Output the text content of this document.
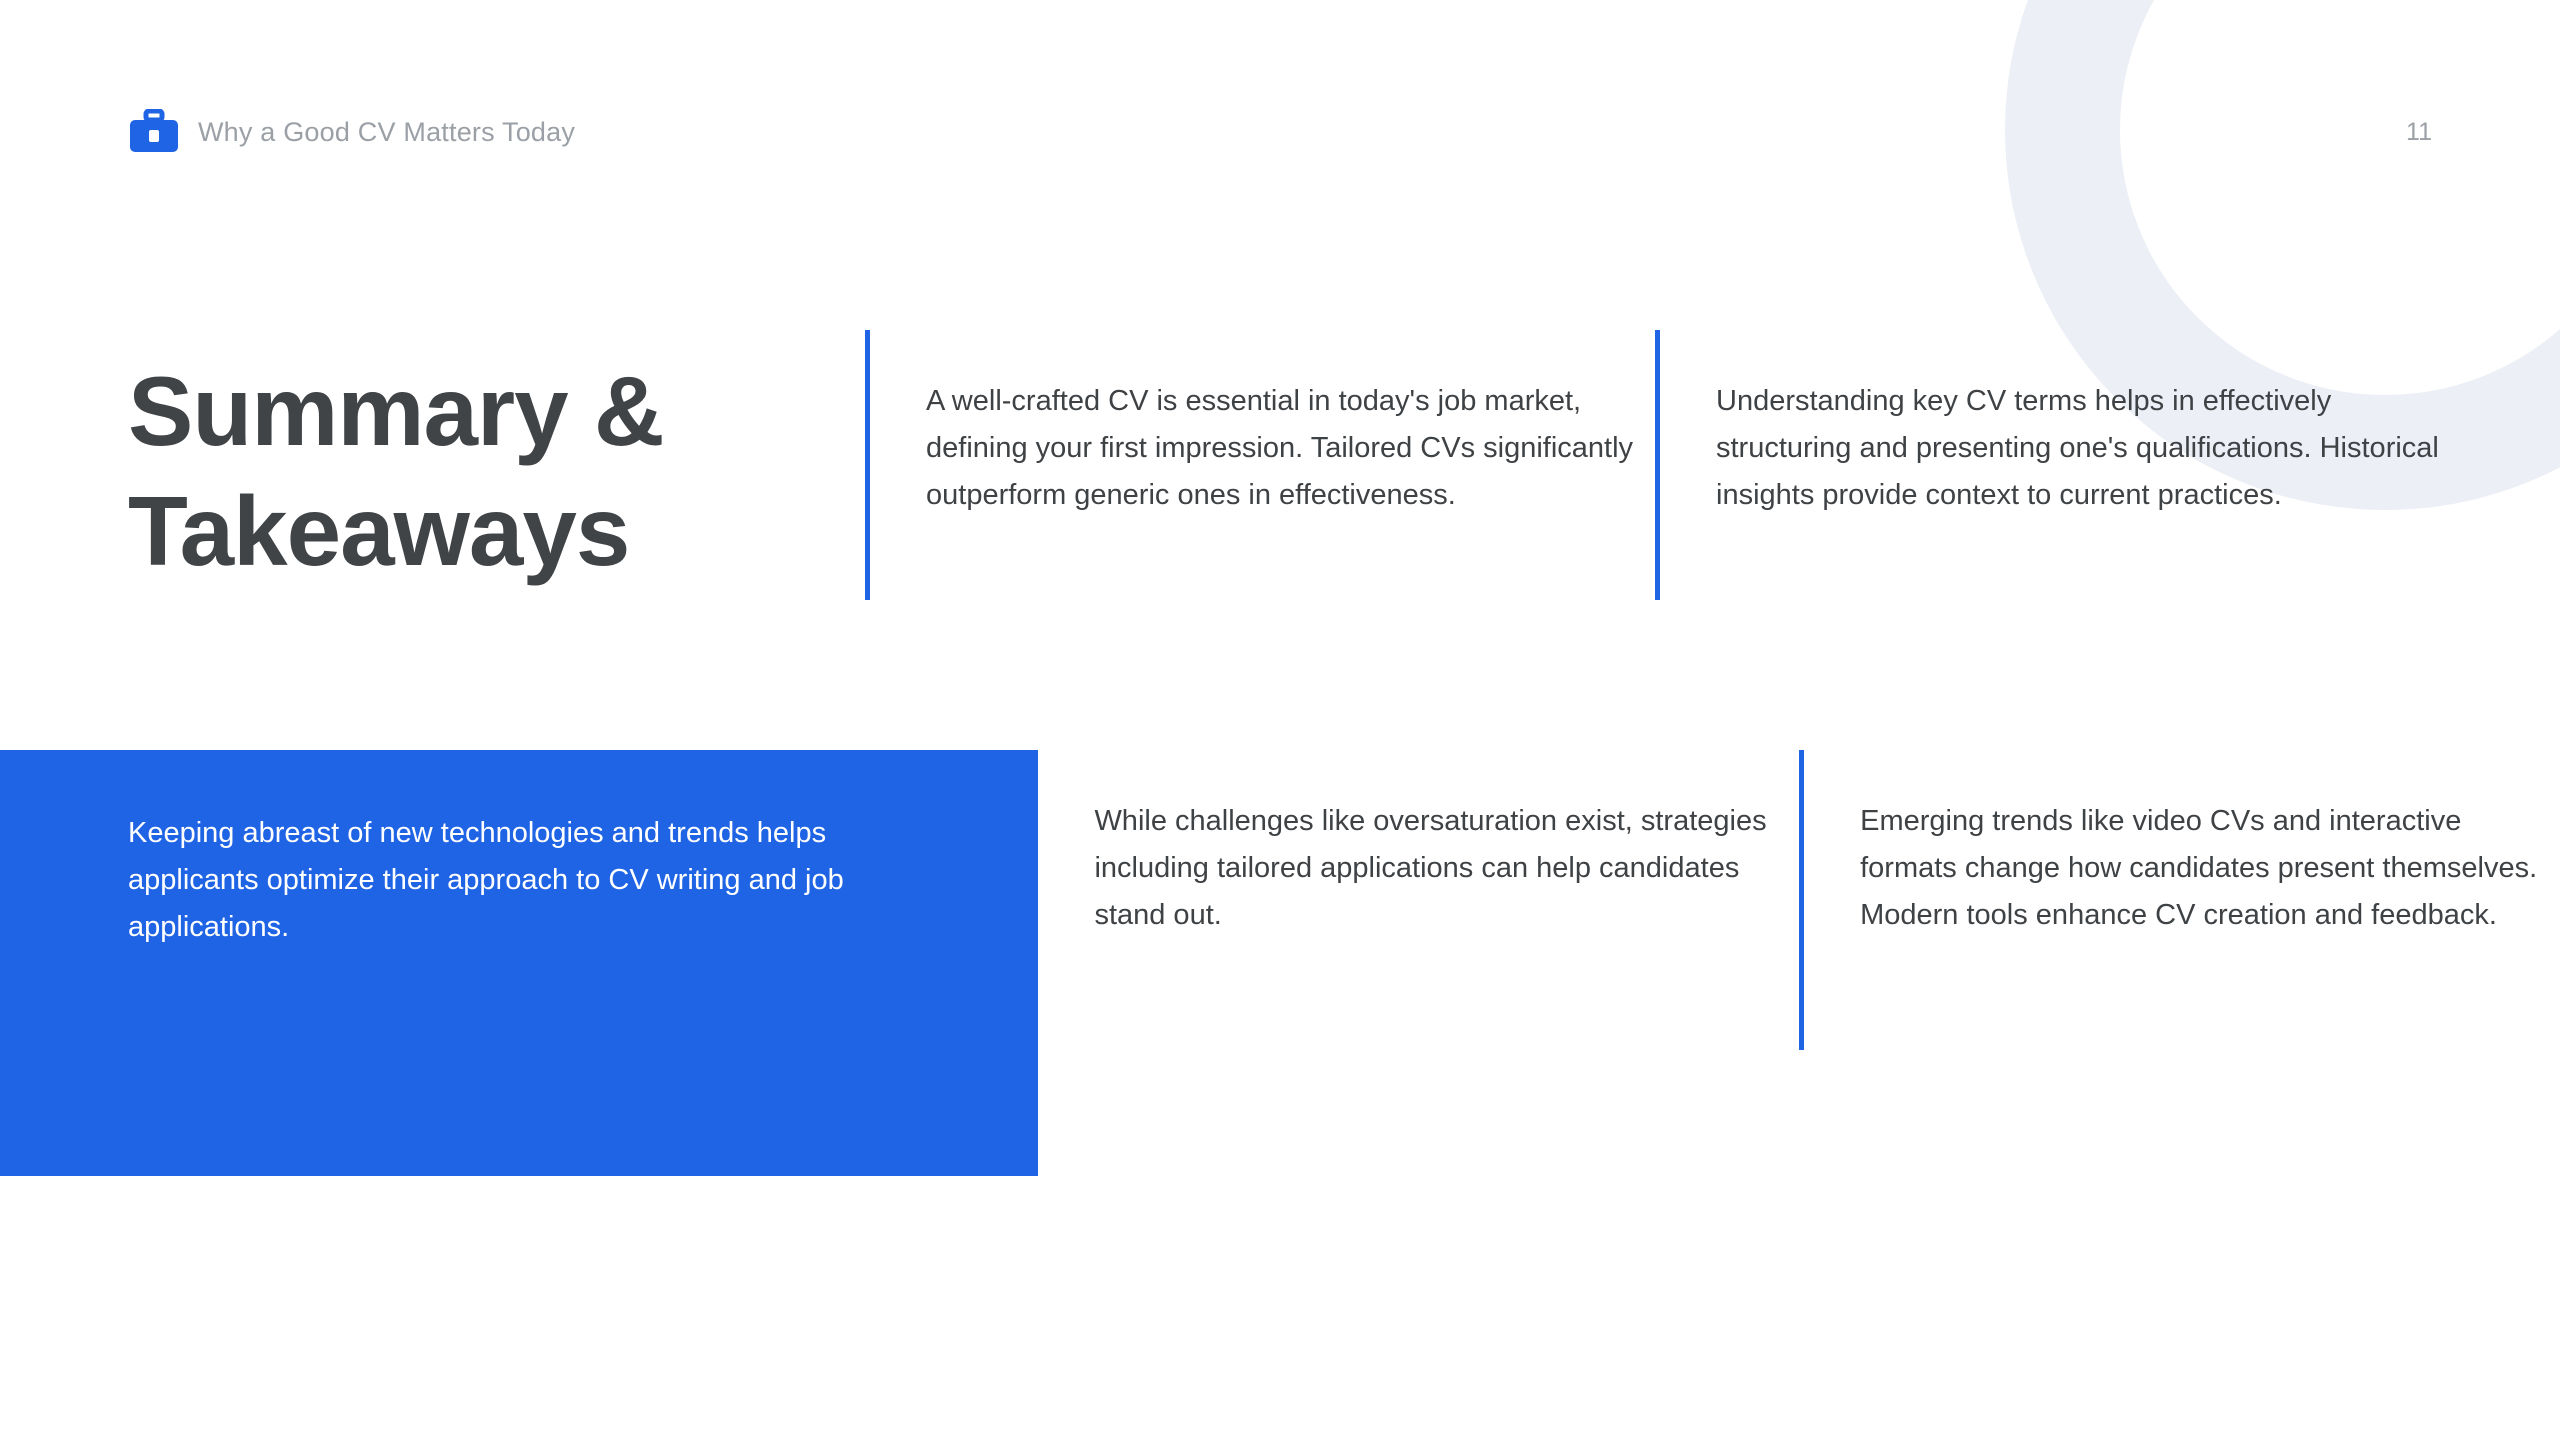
Why a Good CV Matters Today	11
Summary & Takeaways

A well-crafted CV is essential in today's job market, defining your first impression. Tailored CVs significantly outperform generic ones in effectiveness.

Understanding key CV terms helps in effectively structuring and presenting one's qualifications. Historical insights provide context to current practices.

Keeping abreast of new technologies and trends helps applicants optimize their approach to CV writing and job applications.

While challenges like oversaturation exist, strategies including tailored applications can help candidates stand out.

Emerging trends like video CVs and interactive formats change how candidates present themselves. Modern tools enhance CV creation and feedback.
